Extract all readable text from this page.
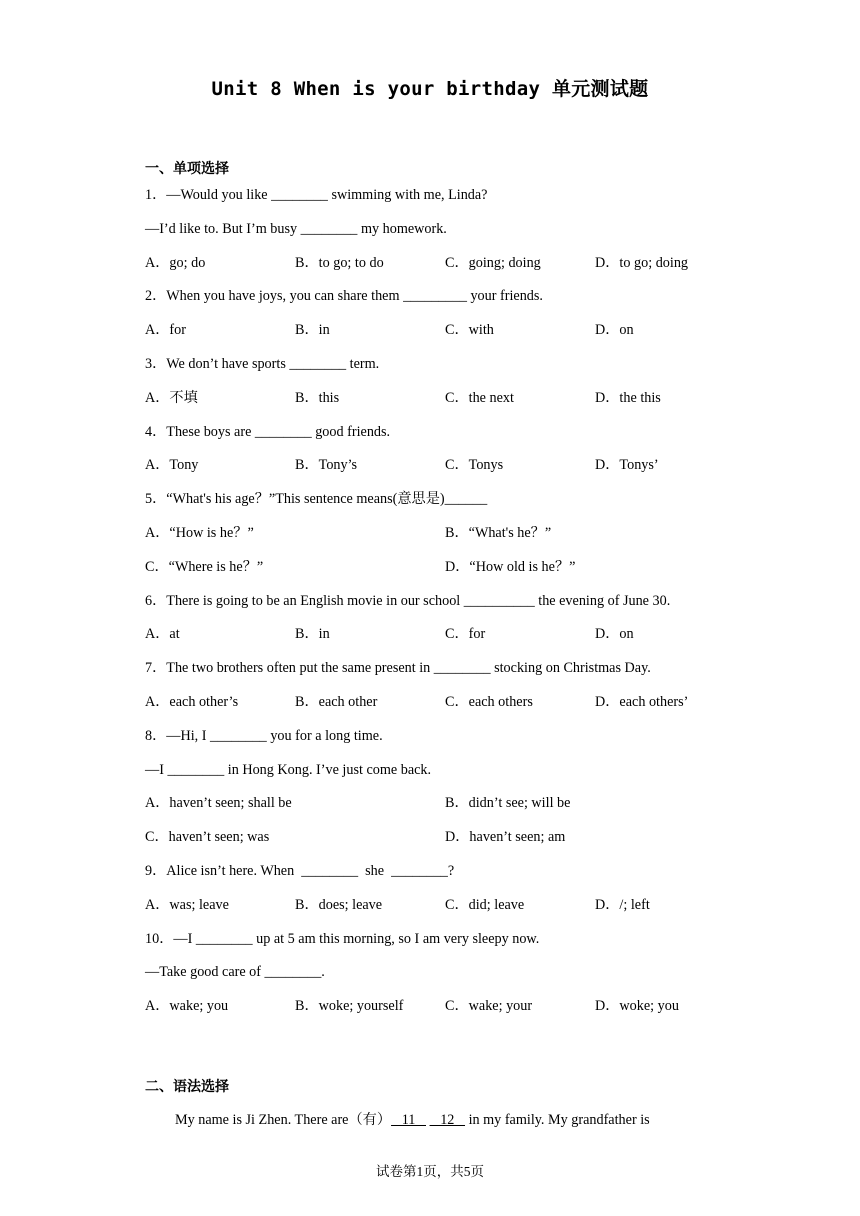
Unit 8 When is your birthday 单元测试题
一、单项选择
1．—Would you like ________ swimming with me, Linda?
—I’d like to. But I’m busy ________ my homework.
A．go; do	B．to go; to do	C．going; doing	D．to go; doing
2．When you have joys, you can share them _________ your friends.
A．for	B．in	C．with	D．on
3．We don’t have sports ________ term.
A．不填	B．this	C．the next	D．the this
4．These boys are ________ good friends.
A．Tony	B．Tony’s	C．Tonys	D．Tonys’
5．“What's his age？”This sentence means(意思是)______
A．“How is he？”	B．“What's he？”
C．“Where is he？”	D．“How old is he？”
6．There is going to be an English movie in our school __________ the evening of June 30.
A．at	B．in	C．for	D．on
7．The two brothers often put the same present in ________ stocking on Christmas Day.
A．each other’s	B．each other	C．each others	D．each others’
8．—Hi, I ________ you for a long time.
—I ________ in Hong Kong. I’ve just come back.
A．haven’t seen; shall be	B．didn’t see; will be
C．haven’t seen; was	D．haven’t seen; am
9．Alice isn’t here. When  ________  she  ________?
A．was; leave	B．does; leave	C．did; leave	D．/; left
10．—I ________ up at 5 am this morning, so I am very sleepy now.
—Take good care of ________.
A．wake; you	B．woke; yourself	C．wake; your	D．woke; you
二、语法选择
My name is Ji Zhen. There are（有）   11       12    in my family. My grandfather is
试卷第1页，共5页
